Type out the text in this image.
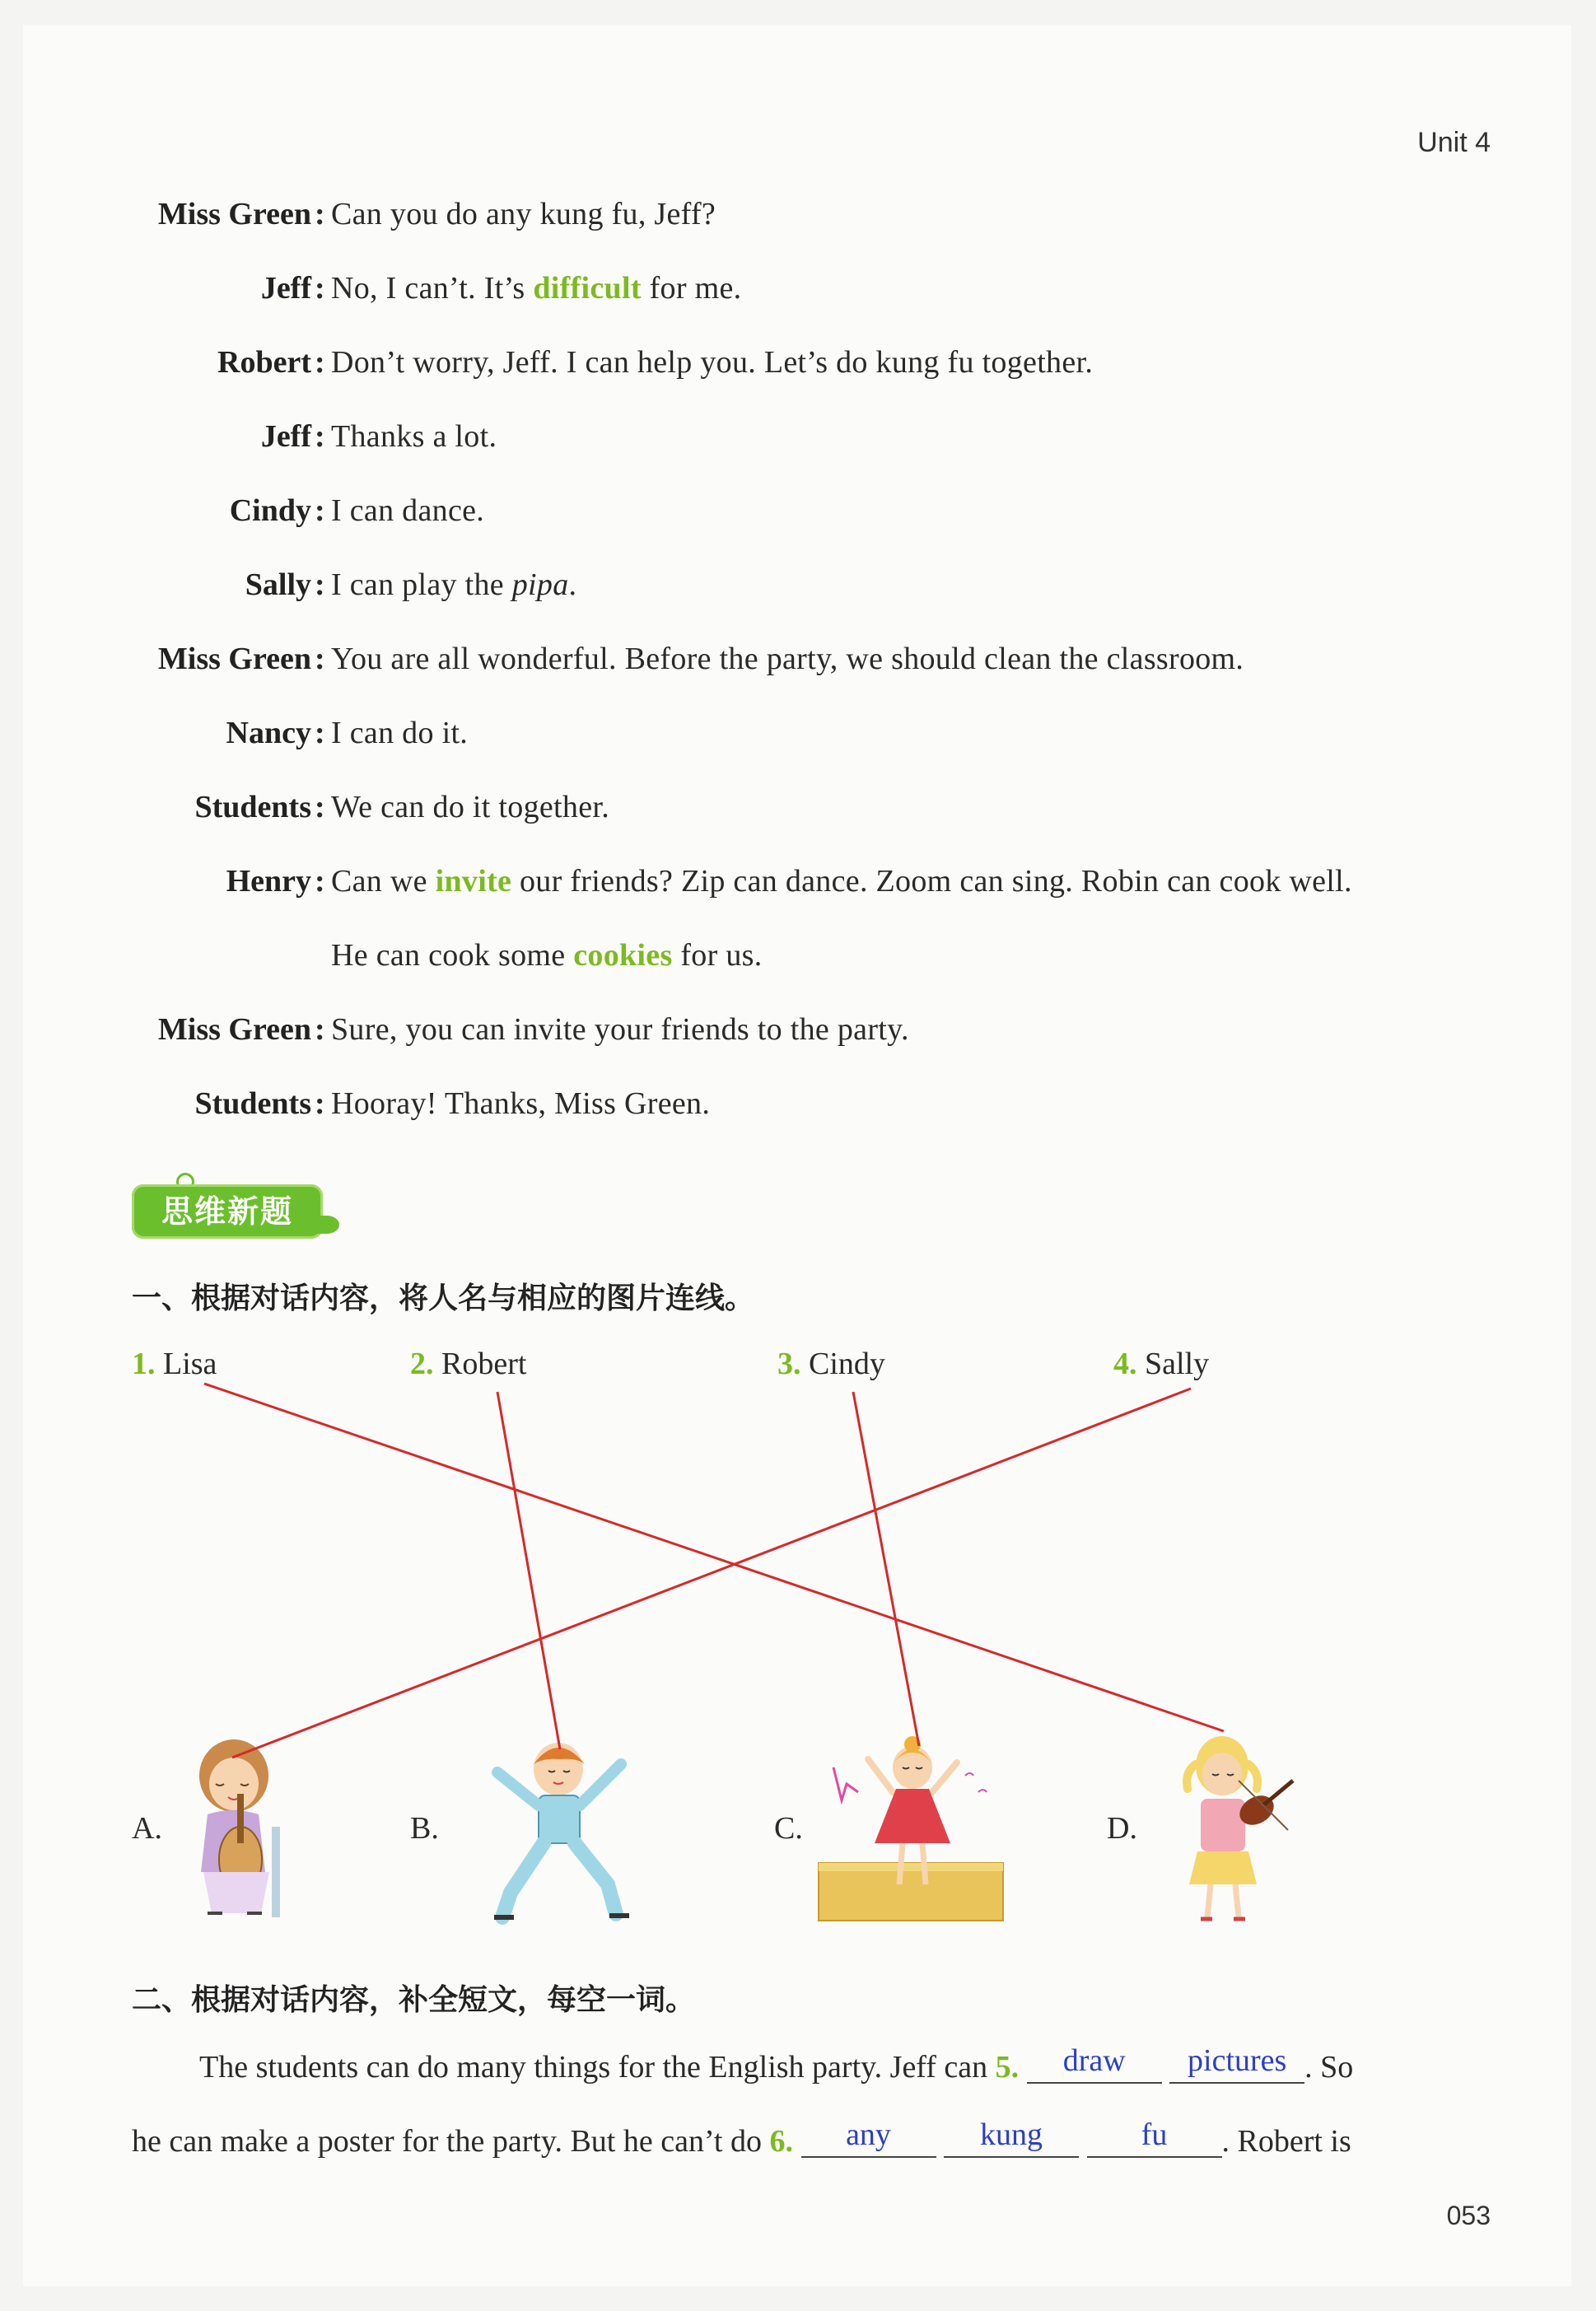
Unit 4
Miss Green : Can you do any kung fu, Jeff?
Jeff : No, I can’t. It’s difficult for me.
Robert : Don’t worry, Jeff. I can help you. Let’s do kung fu together.
Jeff : Thanks a lot.
Cindy : I can dance.
Sally : I can play the pipa.
Miss Green : You are all wonderful. Before the party, we should clean the classroom.
Nancy : I can do it.
Students : We can do it together.
Henry : Can we invite our friends? Zip can dance. Zoom can sing. Robin can cook well.
He can cook some cookies for us.
Miss Green : Sure, you can invite your friends to the party.
Students : Hooray! Thanks, Miss Green.
思维新题
一、根据对话内容，将人名与相应的图片连线。
1. Lisa	2. Robert	3. Cindy	4. Sally
A.	B.	C.	D.
二、根据对话内容，补全短文，每空一词。
The students can do many things for the English party. Jeff can 5. draw pictures . So
he can make a poster for the party. But he can’t do 6. any	kung	fu . Robert is
053
